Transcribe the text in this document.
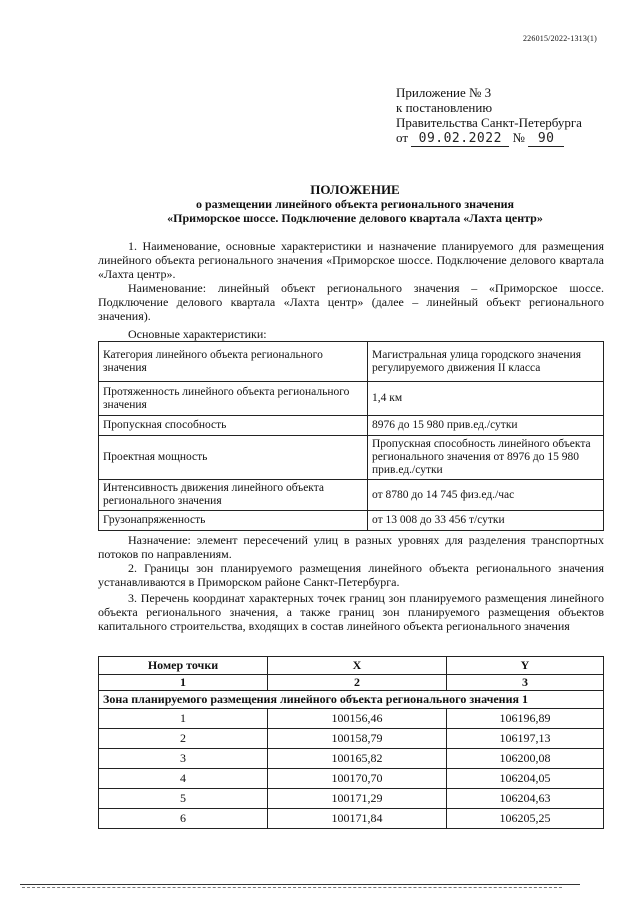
226015/2022-1313(1)
Приложение № 3
к постановлению
Правительства Санкт-Петербурга
от 09.02.2022 № 90
ПОЛОЖЕНИЕ
о размещении линейного объекта регионального значения
«Приморское шоссе. Подключение делового квартала «Лахта центр»
1. Наименование, основные характеристики и назначение планируемого для размещения линейного объекта регионального значения «Приморское шоссе. Подключение делового квартала «Лахта центр».
Наименование: линейный объект регионального значения – «Приморское шоссе. Подключение делового квартала «Лахта центр» (далее – линейный объект регионального значения).
Основные характеристики:
Категория линейного объекта регионального значения	Магистральная улица городского значения регулируемого движения II класса
Протяженность линейного объекта регионального значения	1,4 км
Пропускная способность	8976 до 15 980 прив.ед./сутки
Проектная мощность	Пропускная способность линейного объекта регионального значения от 8976 до 15 980 прив.ед./сутки
Интенсивность движения линейного объекта регионального значения	от 8780 до 14 745 физ.ед./час
Грузонапряженность	от 13 008 до 33 456 т/сутки
Назначение: элемент пересечений улиц в разных уровнях для разделения транспортных потоков по направлениям.
2. Границы зон планируемого размещения линейного объекта регионального значения устанавливаются в Приморском районе Санкт-Петербурга.
3. Перечень координат характерных точек границ зон планируемого размещения линейного объекта регионального значения, а также границ зон планируемого размещения объектов капитального строительства, входящих в состав линейного объекта регионального значения
Номер точки	X	Y
1	2	3
Зона планируемого размещения линейного объекта регионального значения 1		
1	100156,46	106196,89
2	100158,79	106197,13
3	100165,82	106200,08
4	100170,70	106204,05
5	100171,29	106204,63
6	100171,84	106205,25
